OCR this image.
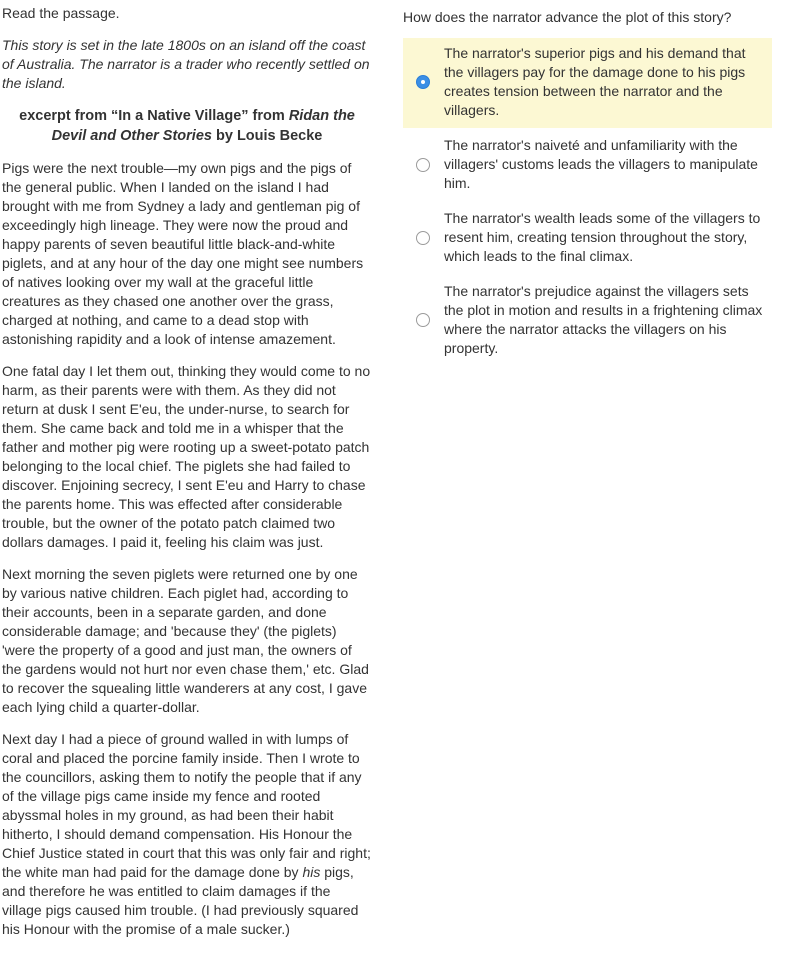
Read the passage.

This story is set in the late 1800s on an island off the coast of Australia. The narrator is a trader who recently settled on the island.

excerpt from “In a Native Village” from Ridan the Devil and Other Stories by Louis Becke

Pigs were the next trouble—my own pigs and the pigs of the general public. When I landed on the island I had brought with me from Sydney a lady and gentleman pig of exceedingly high lineage. They were now the proud and happy parents of seven beautiful little black-and-white piglets, and at any hour of the day one might see numbers of natives looking over my wall at the graceful little creatures as they chased one another over the grass, charged at nothing, and came to a dead stop with astonishing rapidity and a look of intense amazement.

One fatal day I let them out, thinking they would come to no harm, as their parents were with them. As they did not return at dusk I sent E'eu, the under-nurse, to search for them. She came back and told me in a whisper that the father and mother pig were rooting up a sweet-potato patch belonging to the local chief. The piglets she had failed to discover. Enjoining secrecy, I sent E'eu and Harry to chase the parents home. This was effected after considerable trouble, but the owner of the potato patch claimed two dollars damages. I paid it, feeling his claim was just.

Next morning the seven piglets were returned one by one by various native children. Each piglet had, according to their accounts, been in a separate garden, and done considerable damage; and 'because they' (the piglets) 'were the property of a good and just man, the owners of the gardens would not hurt nor even chase them,' etc. Glad to recover the squealing little wanderers at any cost, I gave each lying child a quarter-dollar.

Next day I had a piece of ground walled in with lumps of coral and placed the porcine family inside. Then I wrote to the councillors, asking them to notify the people that if any of the village pigs came inside my fence and rooted abyssmal holes in my ground, as had been their habit hitherto, I should demand compensation. His Honour the Chief Justice stated in court that this was only fair and right; the white man had paid for the damage done by his pigs, and therefore he was entitled to claim damages if the village pigs caused him trouble. (I had previously squared his Honour with the promise of a male sucker.)

How does the narrator advance the plot of this story?

The narrator's superior pigs and his demand that the villagers pay for the damage done to his pigs creates tension between the narrator and the villagers.
The narrator's naiveté and unfamiliarity with the villagers' customs leads the villagers to manipulate him.
The narrator's wealth leads some of the villagers to resent him, creating tension throughout the story, which leads to the final climax.
The narrator's prejudice against the villagers sets the plot in motion and results in a frightening climax where the narrator attacks the villagers on his property.
